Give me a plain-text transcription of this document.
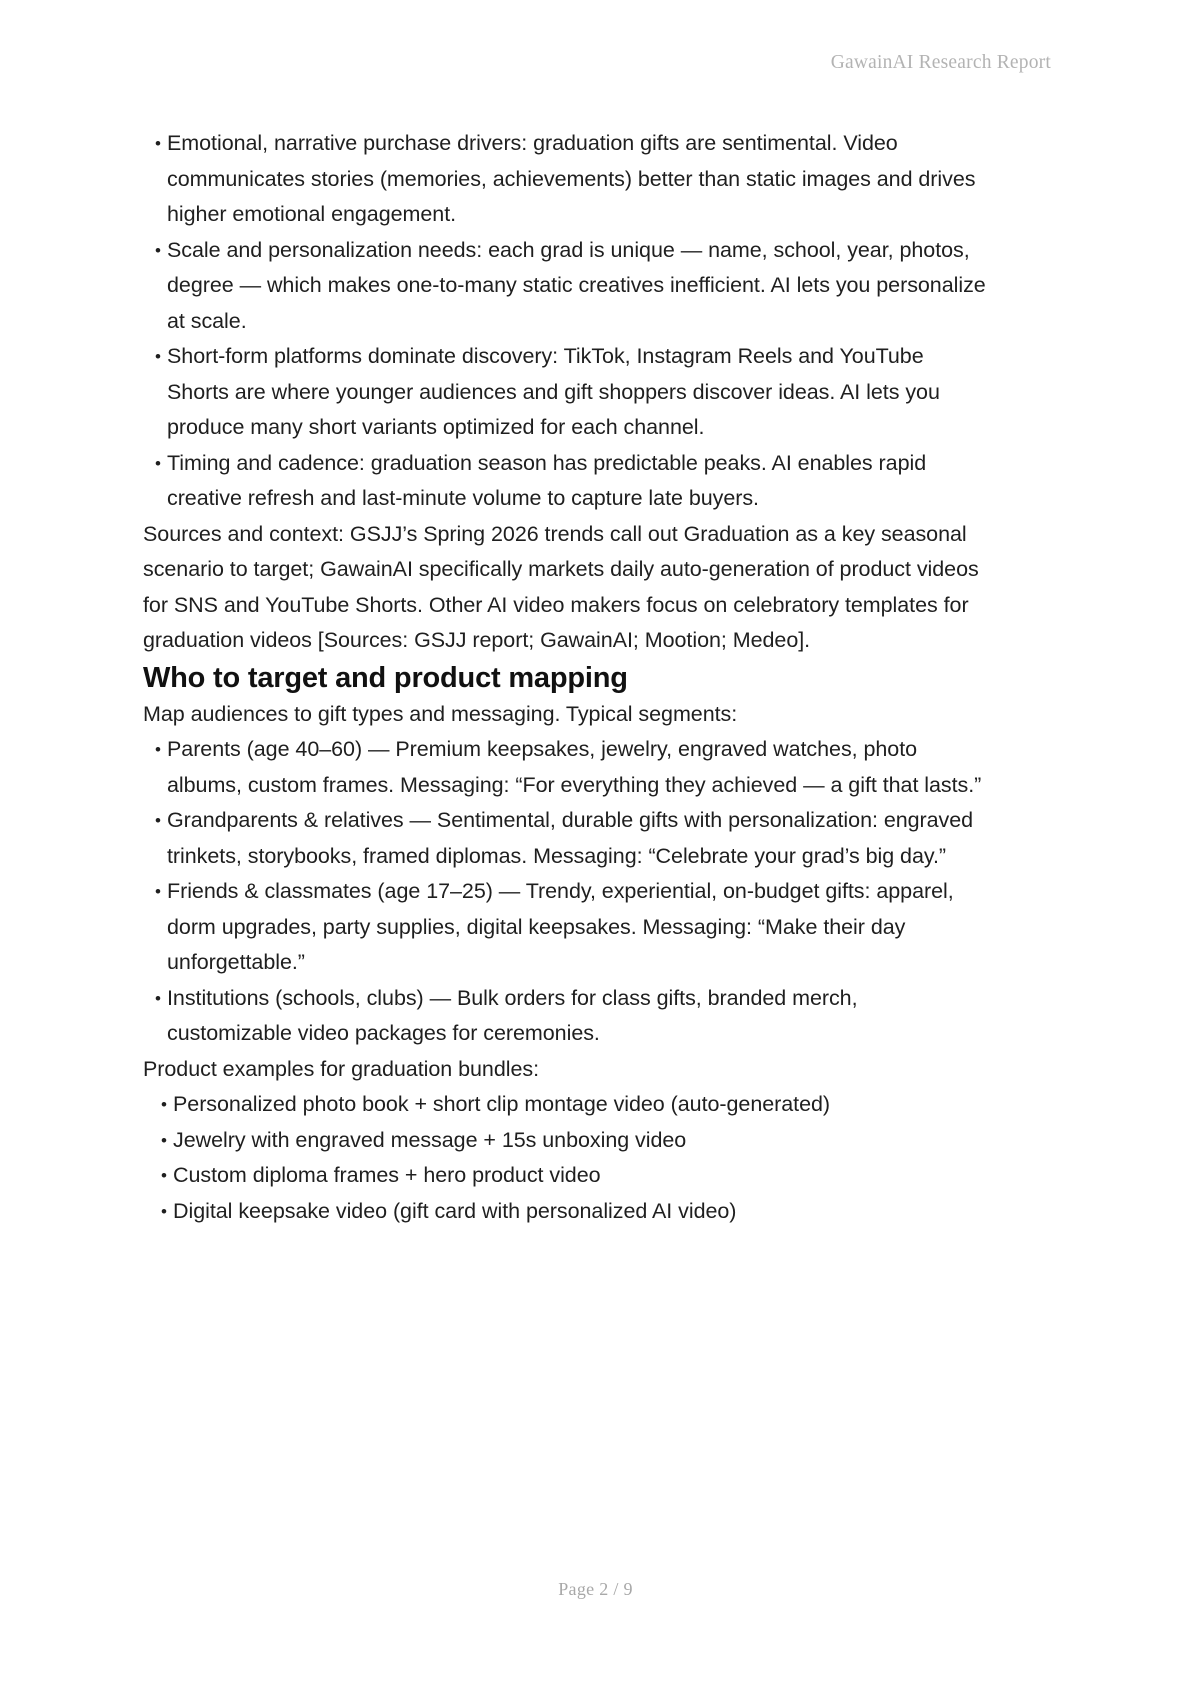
GawainAI Research Report
• Emotional, narrative purchase drivers: graduation gifts are sentimental. Video communicates stories (memories, achievements) better than static images and drives higher emotional engagement.
• Scale and personalization needs: each grad is unique — name, school, year, photos, degree — which makes one-to-many static creatives inefficient. AI lets you personalize at scale.
• Short-form platforms dominate discovery: TikTok, Instagram Reels and YouTube Shorts are where younger audiences and gift shoppers discover ideas. AI lets you produce many short variants optimized for each channel.
• Timing and cadence: graduation season has predictable peaks. AI enables rapid creative refresh and last-minute volume to capture late buyers.

Sources and context: GSJJ’s Spring 2026 trends call out Graduation as a key seasonal scenario to target; GawainAI specifically markets daily auto-generation of product videos for SNS and YouTube Shorts. Other AI video makers focus on celebratory templates for graduation videos [Sources: GSJJ report; GawainAI; Mootion; Medeo].

Who to target and product mapping

Map audiences to gift types and messaging. Typical segments:

• Parents (age 40–60) — Premium keepsakes, jewelry, engraved watches, photo albums, custom frames. Messaging: “For everything they achieved — a gift that lasts.”
• Grandparents & relatives — Sentimental, durable gifts with personalization: engraved trinkets, storybooks, framed diplomas. Messaging: “Celebrate your grad’s big day.”
• Friends & classmates (age 17–25) — Trendy, experiential, on-budget gifts: apparel, dorm upgrades, party supplies, digital keepsakes. Messaging: “Make their day unforgettable.”
• Institutions (schools, clubs) — Bulk orders for class gifts, branded merch, customizable video packages for ceremonies.

Product examples for graduation bundles:

• Personalized photo book + short clip montage video (auto-generated)
• Jewelry with engraved message + 15s unboxing video
• Custom diploma frames + hero product video
• Digital keepsake video (gift card with personalized AI video)
Page 2 / 9
